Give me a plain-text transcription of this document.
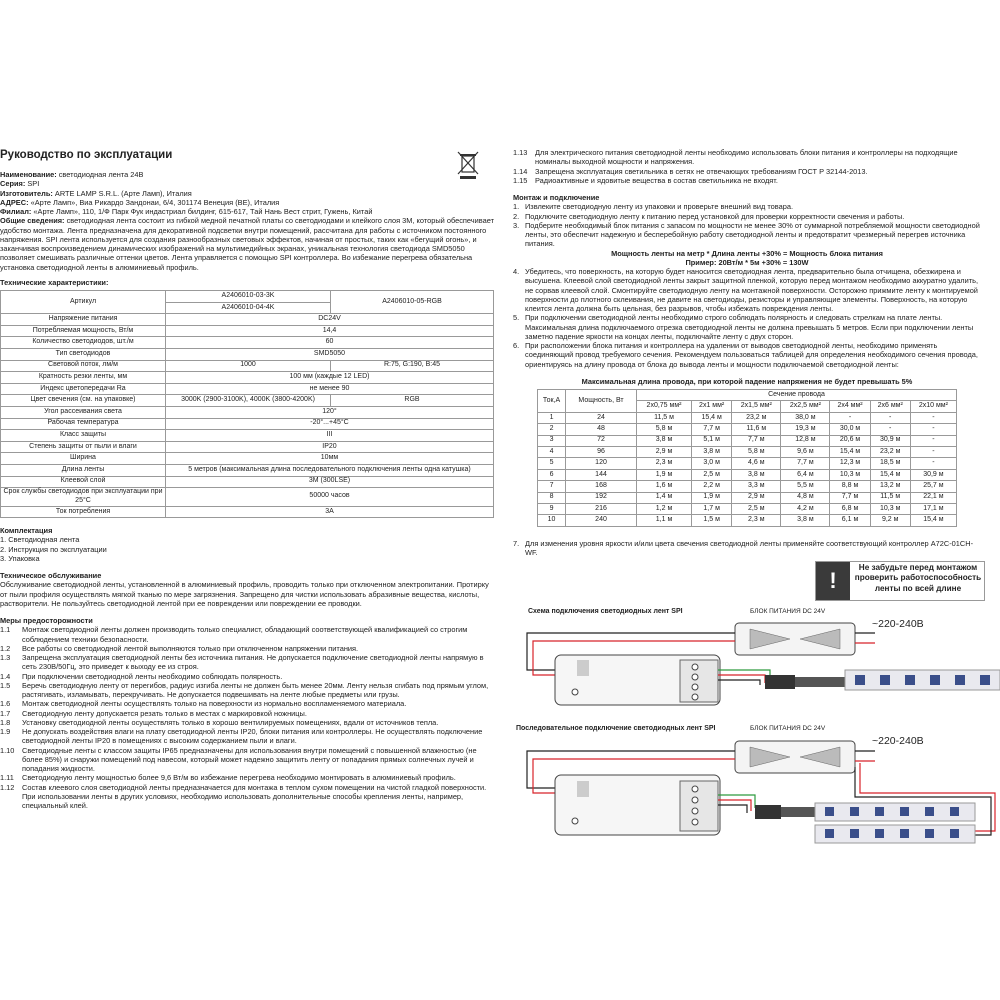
Руководство по эксплуатации

Наименование: светодиодная лента 24В

Серия: SPI

Изготовитель: ARTE LAMP S.R.L. (Арте Ламп), Италия

АДРЕС: «Арте Ламп», Виа Рикардо Зандонаи, 6/4, 301174 Венеция (ВЕ), Италия

Филиал: «Арте Ламп», 110, 1/Ф Парк Фук индастриал билдинг, 615-617, Тай Нань Вест стрит, Гужень, Китай

Общие сведения: светодиодная лента состоит из гибкой медной печатной платы со светодиодами и клейкого слоя 3М, который обеспечивает удобство монтажа. Лента предназначена для декоративной подсветки внутри помещений, рассчитана для работы с источником постоянного напряжения. SPI лента используется для создания разнообразных световых эффектов, начиная от простых, таких как «бегущий огонь», и заканчивая воспроизведением динамических изображений на мультимедийных экранах, уникальная технология светодиода SMD5050 позволяет смешивать различные оттенки цветов. Лента управляется с помощью SPI контроллера. Во избежание перегрева обязательна установка светодиодной ленты в алюминиевый профиль.

Технические характеристики:

Артикул	A2406010-03-3K	A2406010-05-RGB
	A2406010-04-4K	
Напряжение питания	DC24V	
Потребляемая мощность, Вт/м	14,4	
Количество светодиодов, шт./м	60	
Тип светодиодов	SMD5050	
Световой поток, лм/м	1000	R:75, G:190, B:45
Кратность резки ленты, мм	100 мм (каждые 12 LED)	
Индекс цветопередачи Ra	не менее 90	
Цвет свечения (см. на упаковке)	3000K (2900-3100K), 4000K (3800-4200K)	RGB
Угол рассеивания света	120°	
Рабочая температура	-20°...+45°C	
Класс защиты	III	
Степень защиты от пыли и влаги	IP20	
Ширина	10мм	
Длина ленты	5 метров (максимальная длина последовательного подключения ленты одна катушка)	
Клеевой слой	3М (300LSE)	
Срок службы светодиодов при эксплуатации при 25°С	50000 часов	
Ток потребления	3А	

Комплектация

1. Светодиодная лента

2. Инструкция по эксплуатации

3. Упаковка

Техническое обслуживание

Обслуживание светодиодной ленты, установленной в алюминиевый профиль, проводить только при отключенном электропитании. Протирку от пыли профиля осуществлять мягкой тканью по мере загрязнения. Запрещено для чистки использовать абразивные вещества, кислоты, растворители. Не пользуйтесь светодиодной лентой при ее повреждении или повреждении ее проводки.

Меры предосторожности

1.1	Монтаж светодиодной ленты должен производить только специалист, обладающий соответствующей квалификацией со строгим соблюдением техники безопасности.
1.2	Все работы со светодиодной лентой выполняются только при отключенном напряжении питания.
1.3	Запрещена эксплуатация светодиодной ленты без источника питания. Не допускается подключение светодиодной ленты напрямую в сеть 230В/50Гц, это приведет к выходу ее из строя.
1.4	При подключении светодиодной ленты необходимо соблюдать полярность.
1.5	Беречь светодиодную ленту от перегибов, радиус изгиба ленты не должен быть менее 20мм. Ленту нельзя сгибать под прямым углом, растягивать, изламывать, перекручивать. Не допускается подвешивать на ленте любые предметы или грузы.
1.6	Монтаж светодиодной ленты осуществлять только на поверхности из нормально воспламеняемого материала.
1.7	Светодиодную ленту допускается резать только в местах с маркировкой ножницы.
1.8	Установку светодиодной ленты осуществлять только в хорошо вентилируемых помещениях, вдали от источников тепла.
1.9	Не допускать воздействия влаги на плату светодиодной ленты IP20, блоки питания или контроллеры. Не осуществлять подключение светодиодной ленты IP20 в помещениях с высоким содержанием пыли и влаги.
1.10	Светодиодные ленты с классом защиты IP65 предназначены для использования внутри помещений с повышенной влажностью (не более 85%) и снаружи помещений под навесом, который может надежно защитить ленту от попадания прямых солнечных лучей и попадания жидкости.
1.11	Светодиодную ленту мощностью более 9,6 Вт/м во избежание перегрева необходимо монтировать в алюминиевый профиль.
1.12	Состав клеевого слоя светодиодной ленты предназначается для монтажа в теплом сухом помещении на чистой гладкой поверхности. При использовании ленты в других условиях, необходимо использовать дополнительные способы крепления ленты, например, специальный клей.
1.13	Для электрического питания светодиодной ленты необходимо использовать блоки питания и контроллеры на подходящие номиналы выходной мощности и напряжения.
1.14	Запрещена эксплуатация светильника в сетях не отвечающих требованиям ГОСТ Р 32144-2013.
1.15	Радиоактивные и ядовитые вещества в состав светильника не входят.

Монтаж и подключение

1. Извлеките светодиодную ленту из упаковки и проверьте внешний вид товара.
2. Подключите светодиодную ленту к питанию перед установкой для проверки корректности свечения и работы.
3. Подберите необходимый блок питания с запасом по мощности не менее 30% от суммарной потребляемой мощности светодиодной ленты, это обеспечит надежную и бесперебойную работу светодиодной ленты и предотвратит чрезмерный перегрев источника питания.

Мощность ленты на метр * Длина ленты +30% = Мощность блока питания

Пример: 20Вт/м * 5м +30% = 130W

4. Убедитесь, что поверхность, на которую будет наносится светодиодная лента, предварительно была отчищена, обезжирена и высушена. Клеевой слой светодиодной ленты закрыт защитной пленкой, которую перед монтажом необходимо аккуратно удалить, не сорвав клеевой слой. Смонтируйте светодиодную ленту на монтажной поверхности. Осторожно прижмите ленту к монтируемой поверхности до плотного склеивания, не давите на светодиоды, резисторы и управляющие элементы. Поверхность, на которую клеится лента должна быть цельная, без разрывов, чтобы избежать повреждения ленты.
5. При подключении светодиодной ленты необходимо строго соблюдать полярность и следовать стрелкам на плате ленты. Максимальная длина подключаемого отрезка светодиодной ленты не должна превышать 5 метров. Если при подключении ленты заметно падение яркости на концах ленты, подключайте ленту с двух сторон.
6. При расположении блока питания и контроллера на удалении от выводов светодиодной ленты, необходимо применять соединяющий провод требуемого сечения. Рекомендуем пользоваться таблицей для определения необходимого сечения провода, ориентируясь на длину провода от блока до вывода ленты и мощности подключаемой светодиодной ленты:

Максимальная длина провода, при которой падение напряжения не будет превышать 5%

Ток,А	Мощность, Вт	Сечение провода						
		2х0,75 мм²	2х1 мм²	2х1,5 мм²	2х2,5 мм²	2х4 мм²	2х6 мм²	2х10 мм²
1	24	11,5 м	15,4 м	23,2 м	38,0 м	-	-	-
2	48	5,8 м	7,7 м	11,6 м	19,3 м	30,0 м	-	-
3	72	3,8 м	5,1 м	7,7 м	12,8 м	20,6 м	30,9 м	-
4	96	2,9 м	3,8 м	5,8 м	9,6 м	15,4 м	23,2 м	-
5	120	2,3 м	3,0 м	4,6 м	7,7 м	12,3 м	18,5 м	-
6	144	1,9 м	2,5 м	3,8 м	6,4 м	10,3 м	15,4 м	30,9 м
7	168	1,6 м	2,2 м	3,3 м	5,5 м	8,8 м	13,2 м	25,7 м
8	192	1,4 м	1,9 м	2,9 м	4,8 м	7,7 м	11,5 м	22,1 м
9	216	1,2 м	1,7 м	2,5 м	4,2 м	6,8 м	10,3 м	17,1 м
10	240	1,1 м	1,5 м	2,3 м	3,8 м	6,1 м	9,2 м	15,4 м
7. Для изменения уровня яркости и/или цвета свечения светодиодной ленты применяйте соответствующий контроллер A72C-01CH-WF.
!
Не забудьте перед монтажом проверить работоспособность ленты по всей длине
Схема подключения светодиодных лент SPI	БЛОК ПИТАНИЯ DC 24V
~220-240В
Последовательное подключение светодиодных лент SPI	БЛОК ПИТАНИЯ DC 24V
~220-240В
